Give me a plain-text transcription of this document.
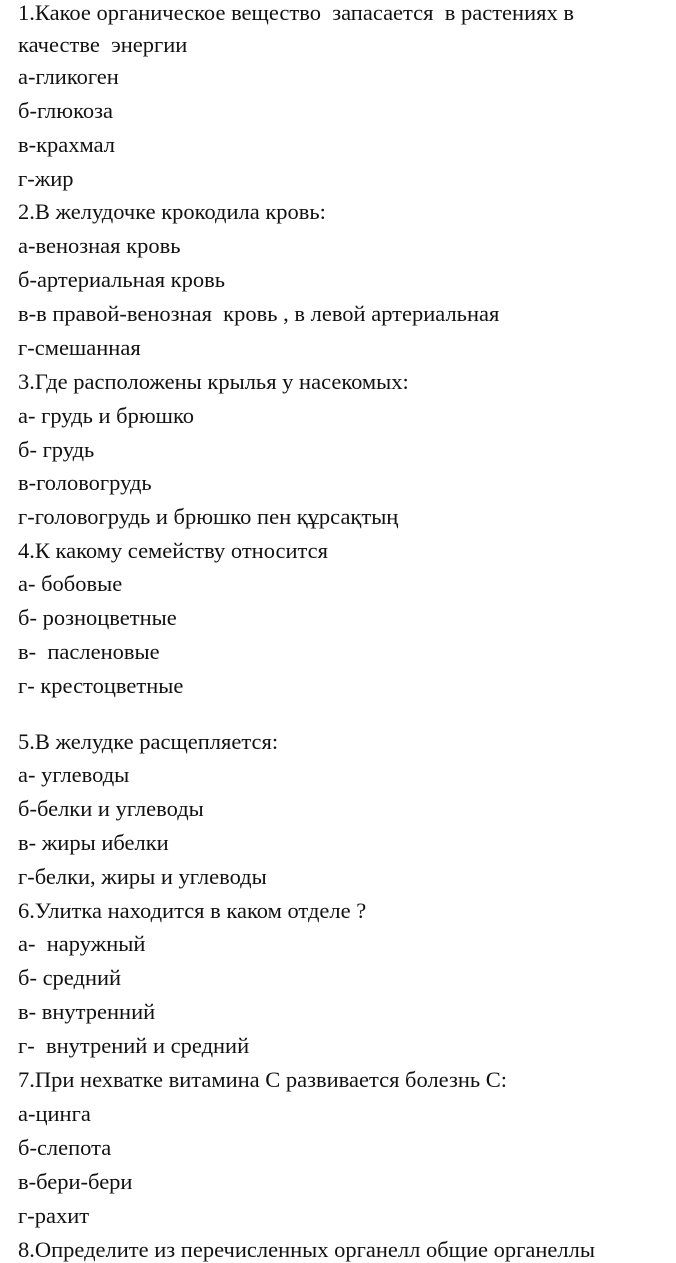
1.Какое органическое вещество  запасается  в растениях в

качестве  энергии

а-гликоген

б-глюкоза

в-крахмал

г-жир

2.В желудочке крокодила кровь:

а-венозная кровь

б-артериальная кровь

в-в правой-венозная  кровь , в левой артериальная

г-смешанная

3.Где расположены крылья у насекомых:

а- грудь и брюшко

б- грудь

в-головогрудь

г-головогрудь и брюшко пен құрсақтың

4.К какому семейству относится

а- бобовые

б- розноцветные

в-  пасленовые

г- крестоцветные

5.В желудке расщепляется:

а- углеводы

б-белки и углеводы

в- жиры ибелки

г-белки, жиры и углеводы

6.Улитка находится в каком отделе ?

а-  наружный

б- средний

в- внутренний

г-  внутрений и средний

7.При нехватке витамина С развивается болезнь С:

а-цинга

б-слепота

в-бери-бери

г-рахит

8.Определите из перечисленных органелл общие органеллы
